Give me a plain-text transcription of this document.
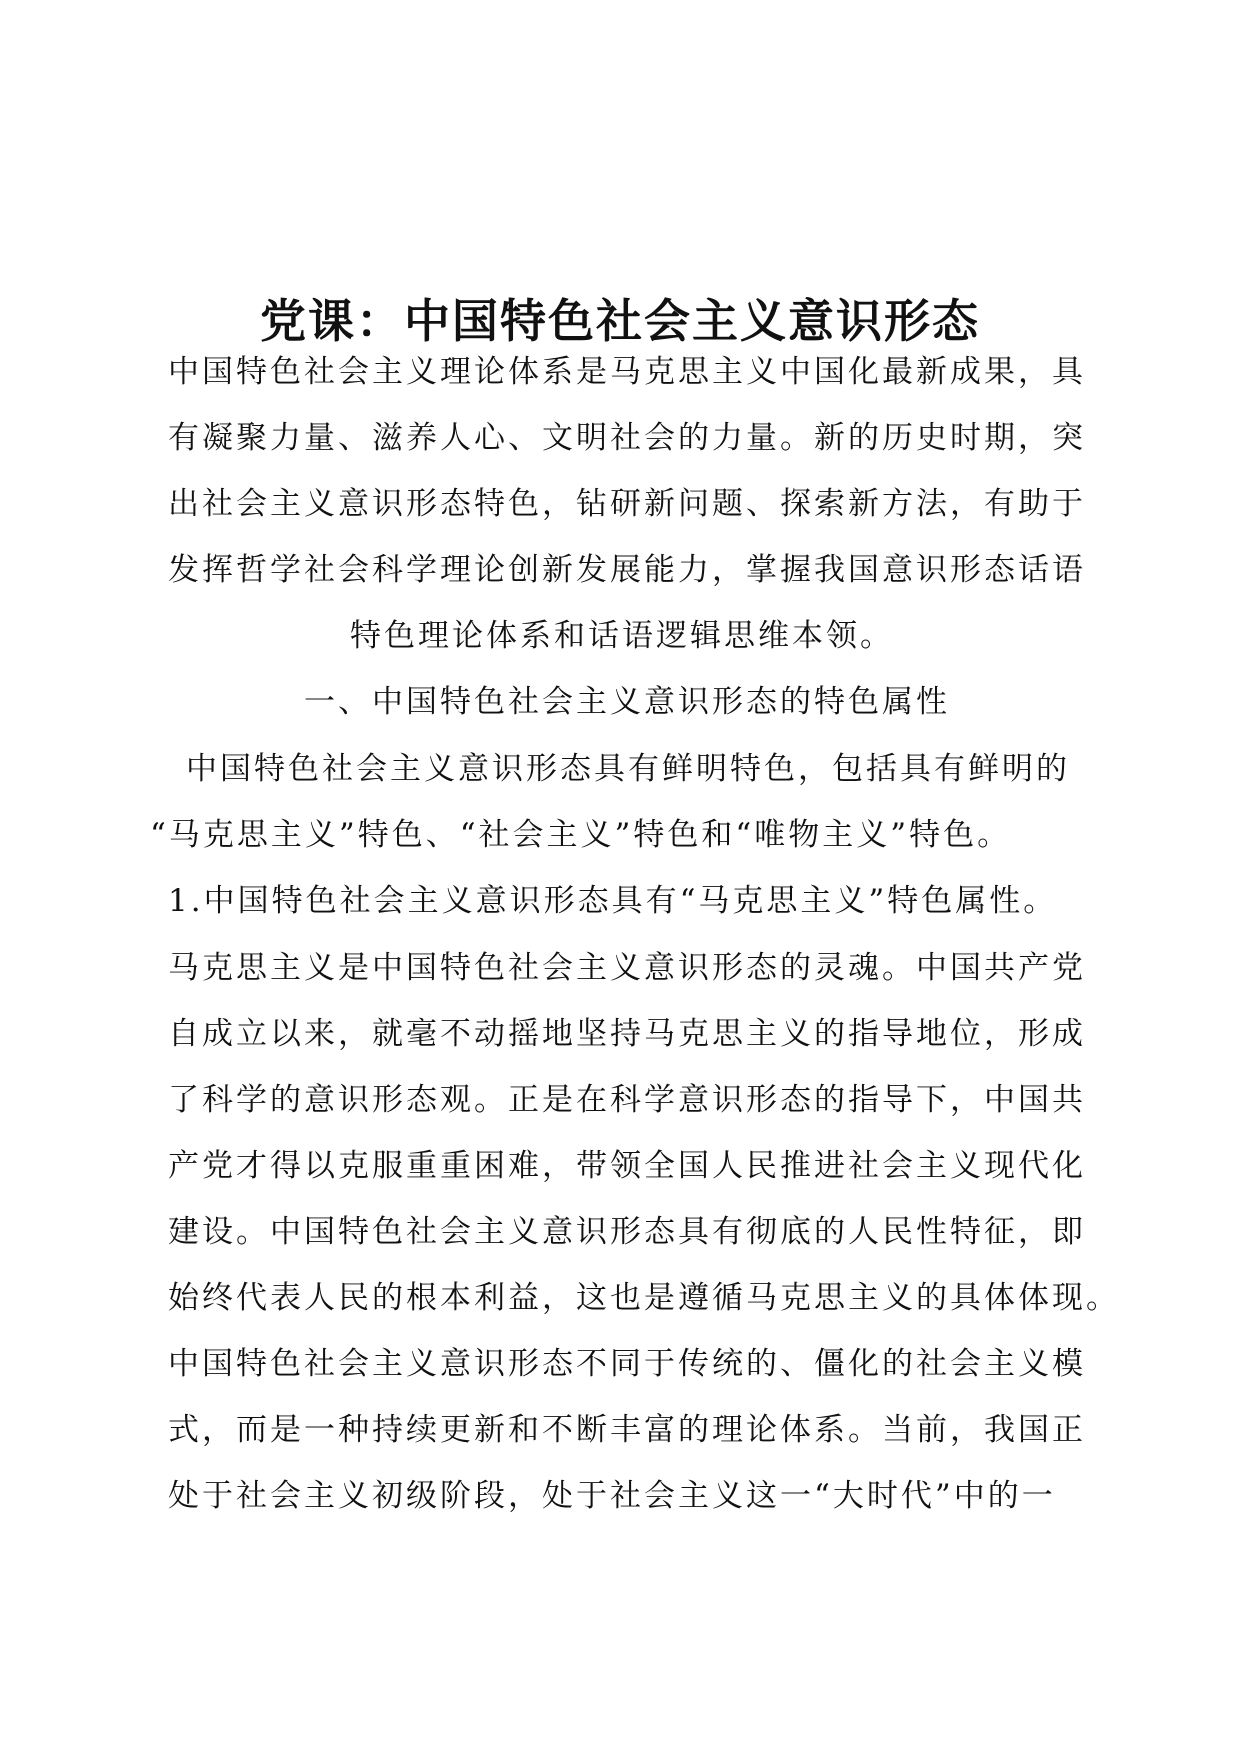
党课：中国特色社会主义意识形态
中国特色社会主义理论体系是马克思主义中国化最新成果，具
有凝聚力量、滋养人心、文明社会的力量。新的历史时期，突
出社会主义意识形态特色，钻研新问题、探索新方法，有助于
发挥哲学社会科学理论创新发展能力，掌握我国意识形态话语
特色理论体系和话语逻辑思维本领。
一、中国特色社会主义意识形态的特色属性
中国特色社会主义意识形态具有鲜明特色，包括具有鲜明的
“马克思主义”特色、“社会主义”特色和“唯物主义”特色。
1.中国特色社会主义意识形态具有“马克思主义”特色属性。
马克思主义是中国特色社会主义意识形态的灵魂。中国共产党
自成立以来，就毫不动摇地坚持马克思主义的指导地位，形成
了科学的意识形态观。正是在科学意识形态的指导下，中国共
产党才得以克服重重困难，带领全国人民推进社会主义现代化
建设。中国特色社会主义意识形态具有彻底的人民性特征，即
始终代表人民的根本利益，这也是遵循马克思主义的具体体现。
中国特色社会主义意识形态不同于传统的、僵化的社会主义模
式，而是一种持续更新和不断丰富的理论体系。当前，我国正
处于社会主义初级阶段，处于社会主义这一“大时代”中的一
